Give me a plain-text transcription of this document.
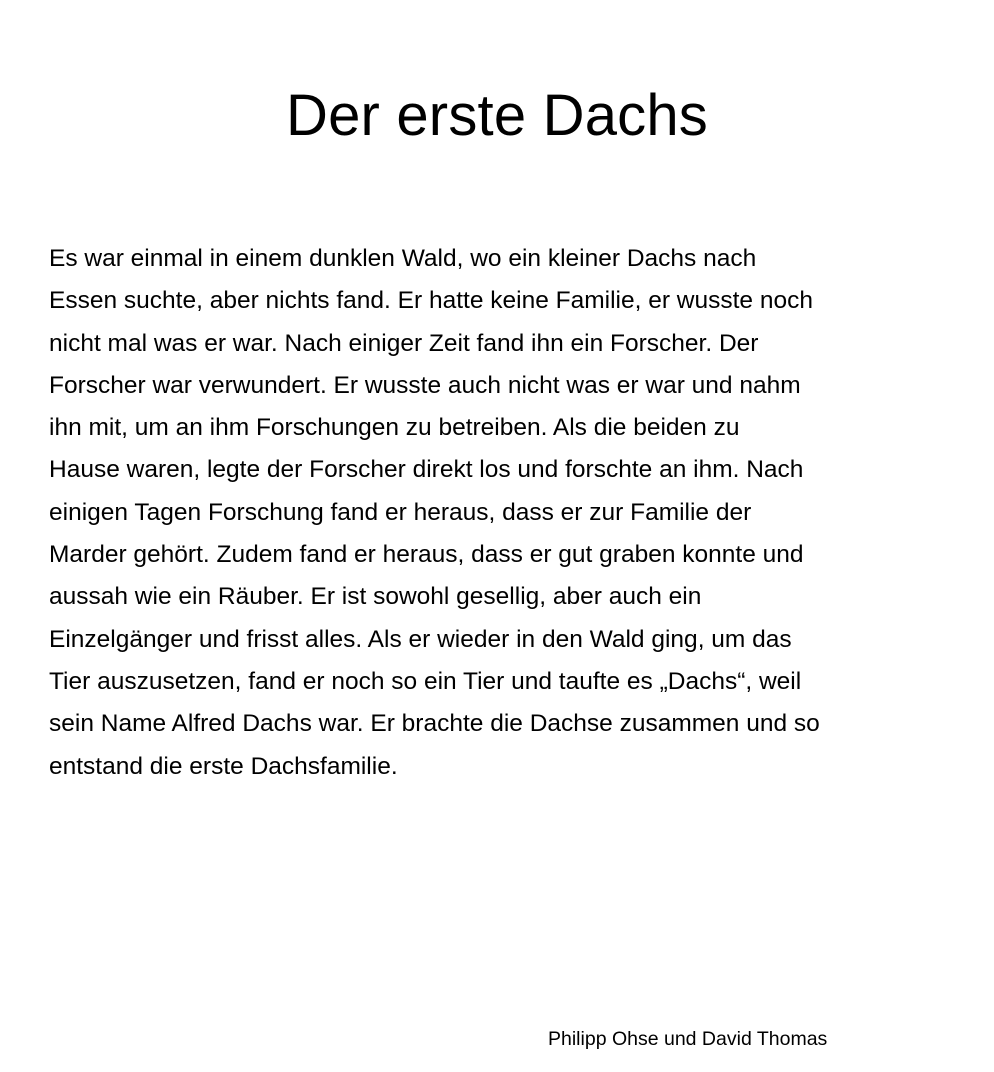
Der erste Dachs
Es war einmal in einem dunklen Wald, wo ein kleiner Dachs nach
Essen suchte, aber nichts fand. Er hatte keine Familie, er wusste noch
nicht mal was er war. Nach einiger Zeit fand ihn ein Forscher. Der
Forscher war verwundert. Er wusste auch nicht was er war und nahm
ihn mit, um an ihm Forschungen zu betreiben. Als die beiden zu
Hause waren, legte der Forscher direkt los und forschte an ihm. Nach
einigen Tagen Forschung fand er heraus, dass er zur Familie der
Marder gehört. Zudem fand er heraus, dass er gut graben konnte und
aussah wie ein Räuber. Er ist sowohl gesellig, aber auch ein
Einzelgänger und frisst alles. Als er wieder in den Wald ging, um das
Tier auszusetzen, fand er noch so ein Tier und taufte es „Dachs“, weil
sein Name Alfred Dachs war. Er brachte die Dachse zusammen und so
entstand die erste Dachsfamilie.

Philipp Ohse und David Thomas
